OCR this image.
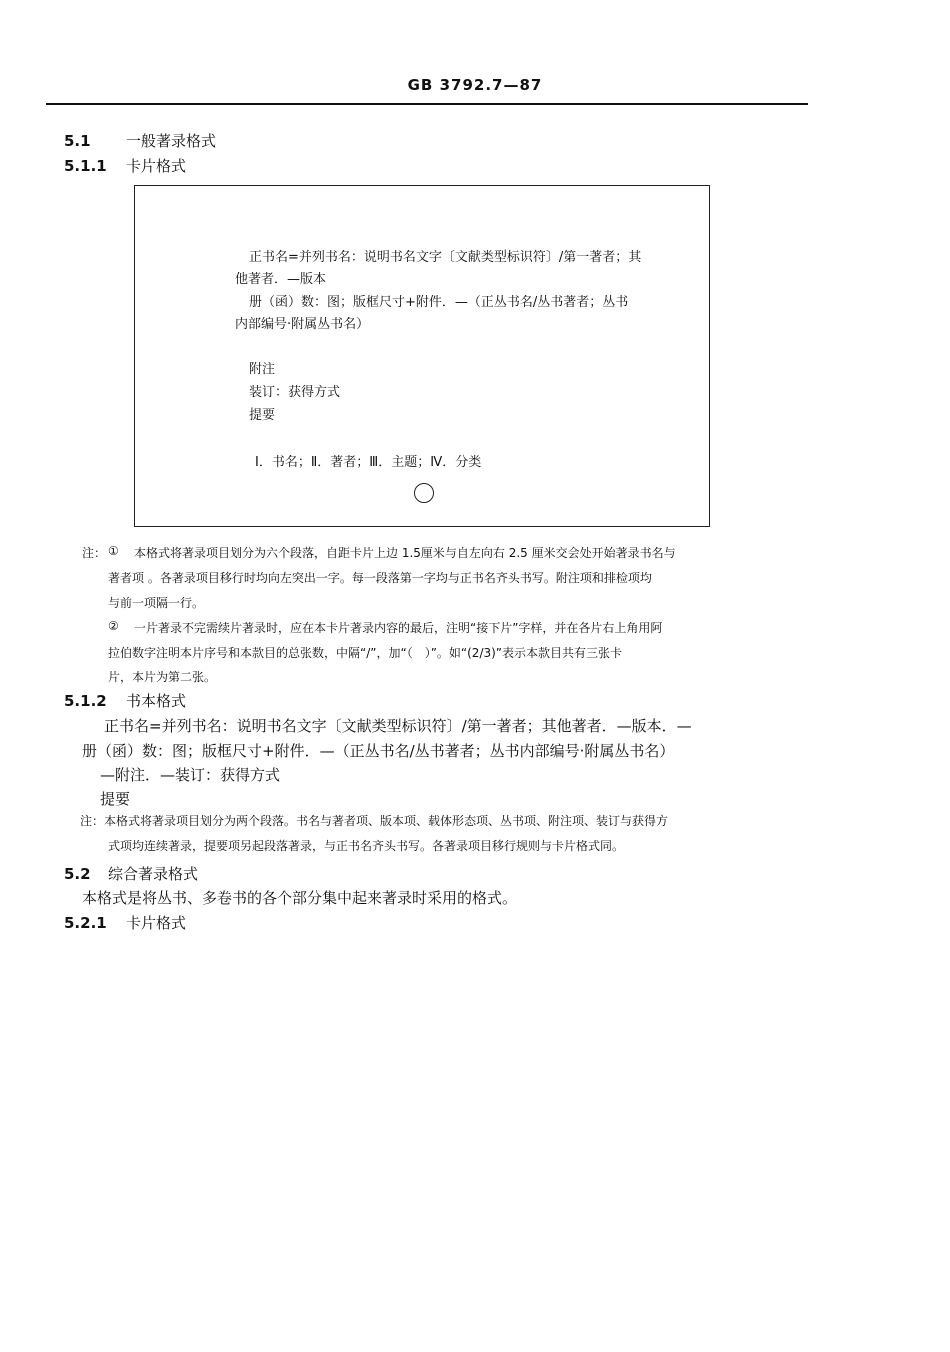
GB 3792.7—87
5.1 一般著录格式
5.1.1 卡片格式
正书名=并列书名：说明书名文字〔文献类型标识符〕/第一著者；其
他著者．—版本
册（函）数：图；版框尺寸+附件．—（正丛书名/丛书著者；丛书
内部编号·附属丛书名）
附注
装订：获得方式
提要
Ⅰ．书名；Ⅱ．著者；Ⅲ．主题；Ⅳ．分类
注： ① 本格式将著录项目划分为六个段落，自距卡片上边 1.5厘米与自左向右 2.5 厘米交会处开始著录书名与
著者项 。各著录项目移行时均向左突出一字。每一段落第一字均与正书名齐头书写。附注项和排检项均
与前一项隔一行。
② 一片著录不完需续片著录时，应在本卡片著录内容的最后，注明“接下片”字样，并在各片右上角用阿
拉伯数字注明本片序号和本款目的总张数，中隔“/”，加“（　）”。如“(2/3)”表示本款目共有三张卡
片，本片为第二张。
5.1.2 书本格式
正书名=并列书名：说明书名文字〔文献类型标识符〕/第一著者；其他著者．—版本．—
册（函）数：图；版框尺寸+附件．—（正丛书名/丛书著者；丛书内部编号·附属丛书名）
—附注．—装订：获得方式
提要
注：本格式将著录项目划分为两个段落。书名与著者项、版本项、载体形态项、丛书项、附注项、装订与获得方
式项均连续著录，提要项另起段落著录，与正书名齐头书写。各著录项目移行规则与卡片格式同。
5.2 综合著录格式
本格式是将丛书、多卷书的各个部分集中起来著录时采用的格式。
5.2.1 卡片格式
